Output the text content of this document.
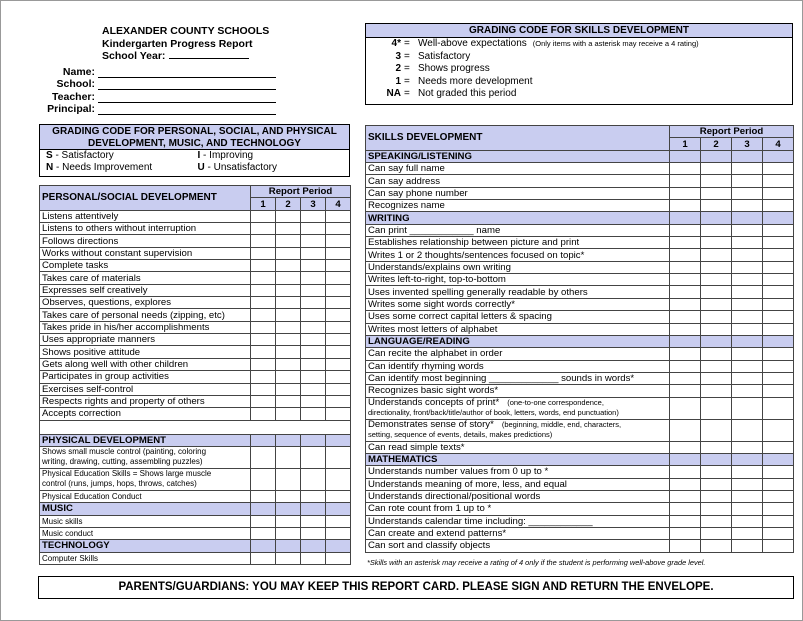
ALEXANDER COUNTY SCHOOLS
Kindergarten Progress Report
School Year:
Name:
School:
Teacher:
Principal:
GRADING CODE FOR SKILLS DEVELOPMENT
4* = Well-above expectations (Only items with a asterisk may receive a 4 rating)
3 = Satisfactory
2 = Shows progress
1 = Needs more development
NA = Not graded this period
GRADING CODE FOR PERSONAL, SOCIAL, AND PHYSICAL
DEVELOPMENT, MUSIC, AND TECHNOLOGY
S - Satisfactory	I - Improving
N - Needs Improvement	U - Unsatisfactory
PERSONAL/SOCIAL DEVELOPMENT	Report Period			
	1	2	3	4
Listens attentively				
Listens to others without interruption				
Follows directions				
Works without constant supervision				
Complete tasks				
Takes care of materials				
Expresses self creatively				
Observes, questions, explores				
Takes care of personal needs (zipping, etc)				
Takes pride in his/her accomplishments				
Uses appropriate manners				
Shows positive attitude				
Gets along well with other children				
Participates in group activities				
Exercises self-control				
Respects rights and property of others				
Accepts correction				

PHYSICAL DEVELOPMENT				

Shows small muscle control (painting, coloring
writing, drawing, cutting, assembling puzzles)				

Physical Education Skills = Shows large muscle
control (runs, jumps, hops, throws, catches)				

Physical Education Conduct				

MUSIC				
Music skills				
Music conduct				
TECHNOLOGY				
Computer Skills				
SKILLS DEVELOPMENT	Report Period			
	1	2	3	4
SPEAKING/LISTENING				
Can say full name				
Can say address				
Can say phone number				
Recognizes name				
WRITING				
Can print ____________ name				
Establishes relationship between picture and print				
Writes 1 or 2 thoughts/sentences focused on topic*				
Understands/explains own writing				
Writes left-to-right, top-to-bottom				
Uses invented spelling generally readable by others				
Writes some sight words correctly*				
Uses some correct capital letters & spacing				
Writes most letters of alphabet				
LANGUAGE/READING				
Can recite the alphabet in order				
Can identify rhyming words				
Can identify most beginning _____________ sounds in words*				
Recognizes basic sight words*				

Understands concepts of print* (one-to-one correspondence,
directionality, front/back/title/author of book, letters, words, end punctuation)				

Demonstrates sense of story* (beginning, middle, end, characters,
setting, sequence of events, details, makes predictions)				

Can read simple texts*				
MATHEMATICS				
Understands number values from 0 up to *				
Understands meaning of more, less, and equal				
Understands directional/positional words				
Can rote count from 1 up to *				
Understands calendar time including: ____________				
Can create and extend patterns*				
Can sort and classify objects				
*Skills with an asterisk may receive a rating of 4 only if the student is performing well-above grade level.
PARENTS/GUARDIANS: YOU MAY KEEP THIS REPORT CARD. PLEASE SIGN AND RETURN THE ENVELOPE.
